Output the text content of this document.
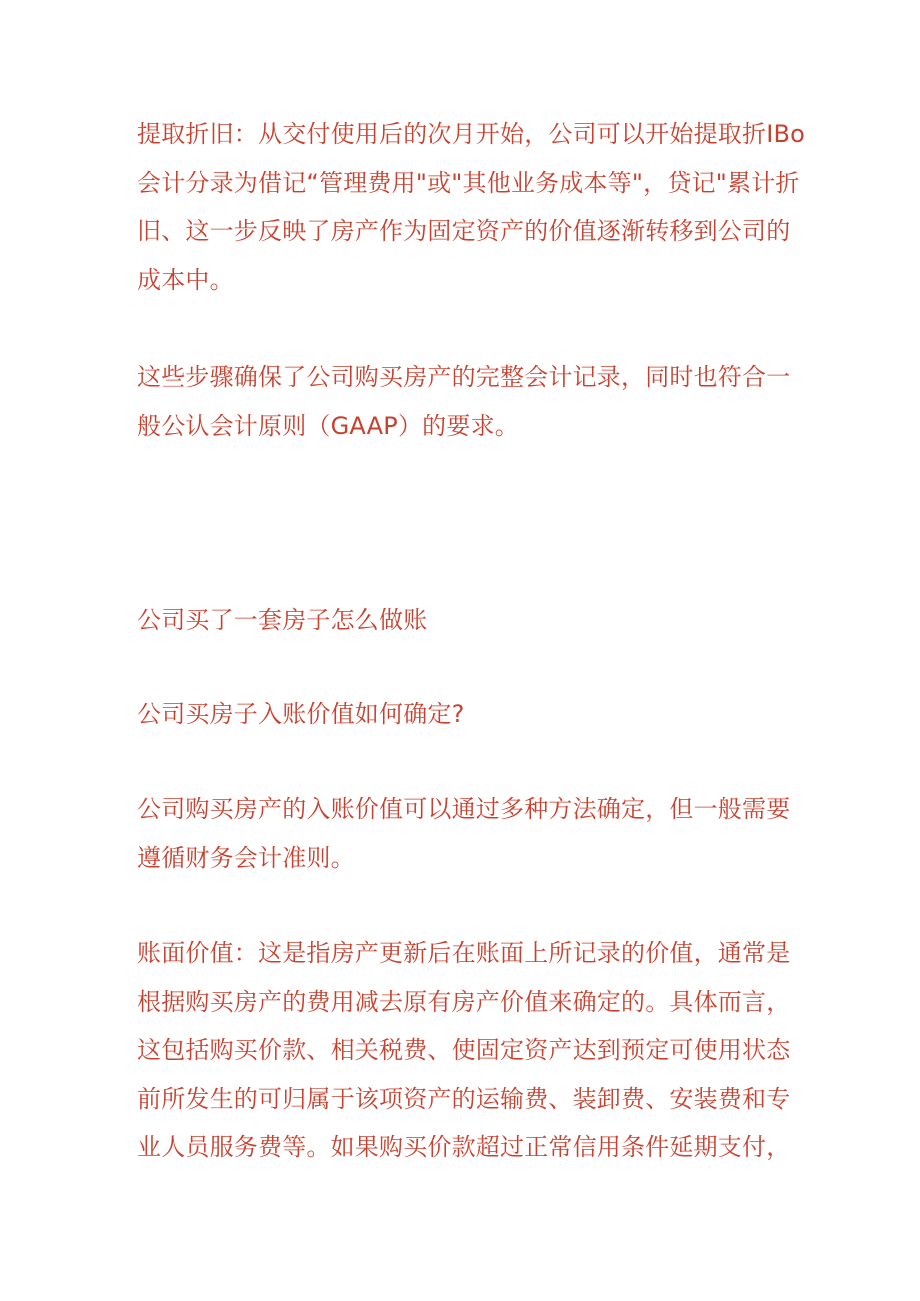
提取折旧：从交付使用后的次月开始，公司可以开始提取折IBo
会计分录为借记“管理费用"或"其他业务成本等"，贷记"累计折
旧、这一步反映了房产作为固定资产的价值逐渐转移到公司的
成本中。

这些步骤确保了公司购买房产的完整会计记录，同时也符合一
般公认会计原则（GAAP）的要求。

公司买了一套房子怎么做账

公司买房子入账价值如何确定?

公司购买房产的入账价值可以通过多种方法确定，但一般需要
遵循财务会计准则。

账面价值：这是指房产更新后在账面上所记录的价值，通常是
根据购买房产的费用减去原有房产价值来确定的。具体而言，
这包括购买价款、相关税费、使固定资产达到预定可使用状态
前所发生的可归属于该项资产的运输费、装卸费、安装费和专
业人员服务费等。如果购买价款超过正常信用条件延期支付，
